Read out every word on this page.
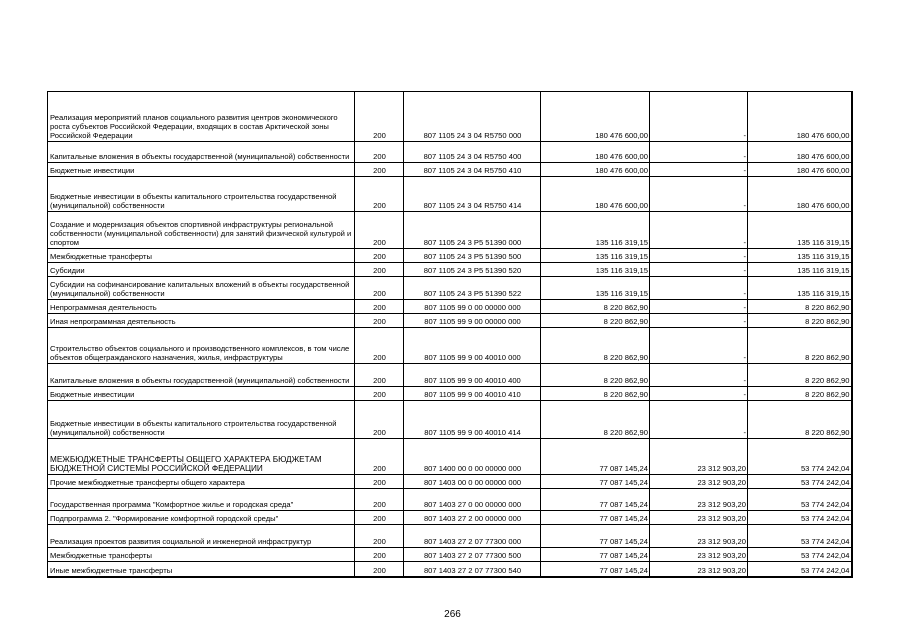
Реализация мероприятий планов социального развития центров экономического роста субъектов Российской Федерации, входящих в состав Арктической зоны Российской Федерации	200	807 1105 24 3 04 R5750 000	180 476 600,00	-	180 476 600,00
Капитальные вложения в объекты государственной (муниципальной) собственности	200	807 1105 24 3 04 R5750 400	180 476 600,00	-	180 476 600,00
Бюджетные инвестиции	200	807 1105 24 3 04 R5750 410	180 476 600,00	-	180 476 600,00
Бюджетные инвестиции в объекты капитального строительства государственной (муниципальной) собственности	200	807 1105 24 3 04 R5750 414	180 476 600,00	-	180 476 600,00
Создание и модернизация объектов спортивной инфраструктуры региональной собственности (муниципальной собственности) для занятий физической культурой и спортом	200	807 1105 24 3 P5 51390 000	135 116 319,15	-	135 116 319,15
Межбюджетные трансферты	200	807 1105 24 3 P5 51390 500	135 116 319,15	-	135 116 319,15
Субсидии	200	807 1105 24 3 P5 51390 520	135 116 319,15	-	135 116 319,15
Субсидии на софинансирование капитальных вложений в объекты государственной (муниципальной) собственности	200	807 1105 24 3 P5 51390 522	135 116 319,15	-	135 116 319,15
Непрограммная деятельность	200	807 1105 99 0 00 00000 000	8 220 862,90	-	8 220 862,90
Иная непрограммная деятельность	200	807 1105 99 9 00 00000 000	8 220 862,90	-	8 220 862,90
Строительство объектов социального и производственного комплексов, в том числе объектов общегражданского назначения, жилья, инфраструктуры	200	807 1105 99 9 00 40010 000	8 220 862,90	-	8 220 862,90
Капитальные вложения в объекты государственной (муниципальной) собственности	200	807 1105 99 9 00 40010 400	8 220 862,90	-	8 220 862,90
Бюджетные инвестиции	200	807 1105 99 9 00 40010 410	8 220 862,90	-	8 220 862,90
Бюджетные инвестиции в объекты капитального строительства государственной (муниципальной) собственности	200	807 1105 99 9 00 40010 414	8 220 862,90	-	8 220 862,90
МЕЖБЮДЖЕТНЫЕ ТРАНСФЕРТЫ ОБЩЕГО ХАРАКТЕРА БЮДЖЕТАМ БЮДЖЕТНОЙ СИСТЕМЫ РОССИЙСКОЙ ФЕДЕРАЦИИ	200	807 1400 00 0 00 00000 000	77 087 145,24	23 312 903,20	53 774 242,04
Прочие межбюджетные трансферты общего характера	200	807 1403 00 0 00 00000 000	77 087 145,24	23 312 903,20	53 774 242,04
Государственная программа "Комфортное жилье и городская среда"	200	807 1403 27 0 00 00000 000	77 087 145,24	23 312 903,20	53 774 242,04
Подпрограмма 2. "Формирование комфортной городской среды"	200	807 1403 27 2 00 00000 000	77 087 145,24	23 312 903,20	53 774 242,04
Реализация проектов развития социальной и инженерной инфраструктур	200	807 1403 27 2 07 77300 000	77 087 145,24	23 312 903,20	53 774 242,04
Межбюджетные трансферты	200	807 1403 27 2 07 77300 500	77 087 145,24	23 312 903,20	53 774 242,04
Иные межбюджетные трансферты	200	807 1403 27 2 07 77300 540	77 087 145,24	23 312 903,20	53 774 242,04
266
